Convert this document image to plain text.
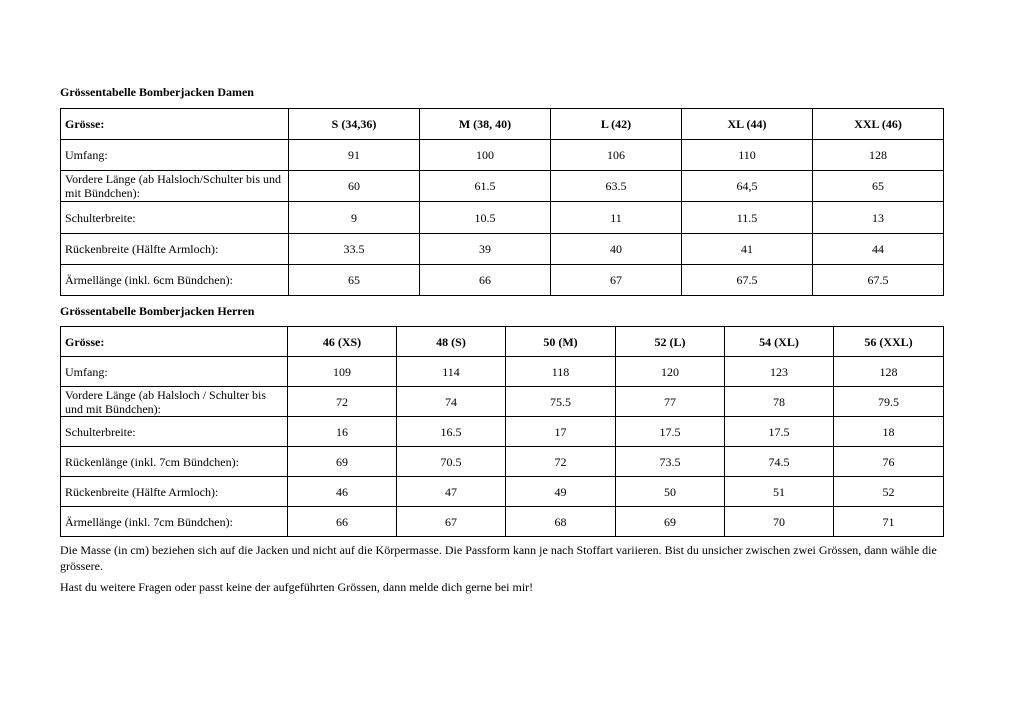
Grössentabelle Bomberjacken Damen
Grösse:	S (34,36)	M (38, 40)	L (42)	XL (44)	XXL (46)
Umfang:	91	100	106	110	128
Vordere Länge (ab Halsloch/Schulter bis und mit Bündchen):	60	61.5	63.5	64,5	65
Schulterbreite:	9	10.5	11	11.5	13
Rückenbreite (Hälfte Armloch):	33.5	39	40	41	44
Ärmellänge (inkl. 6cm Bündchen):	65	66	67	67.5	67.5
Grössentabelle Bomberjacken Herren
Grösse:	46 (XS)	48 (S)	50 (M)	52 (L)	54 (XL)	56 (XXL)
Umfang:	109	114	118	120	123	128
Vordere Länge (ab Halsloch / Schulter bis und mit Bündchen):	72	74	75.5	77	78	79.5
Schulterbreite:	16	16.5	17	17.5	17.5	18
Rückenlänge (inkl. 7cm Bündchen):	69	70.5	72	73.5	74.5	76
Rückenbreite (Hälfte Armloch):	46	47	49	50	51	52
Ärmellänge (inkl. 7cm Bündchen):	66	67	68	69	70	71
Die Masse (in cm) beziehen sich auf die Jacken und nicht auf die Körpermasse. Die Passform kann je nach Stoffart variieren. Bist du unsicher zwischen zwei Grössen, dann wähle die grössere.
Hast du weitere Fragen oder passt keine der aufgeführten Grössen, dann melde dich gerne bei mir!
